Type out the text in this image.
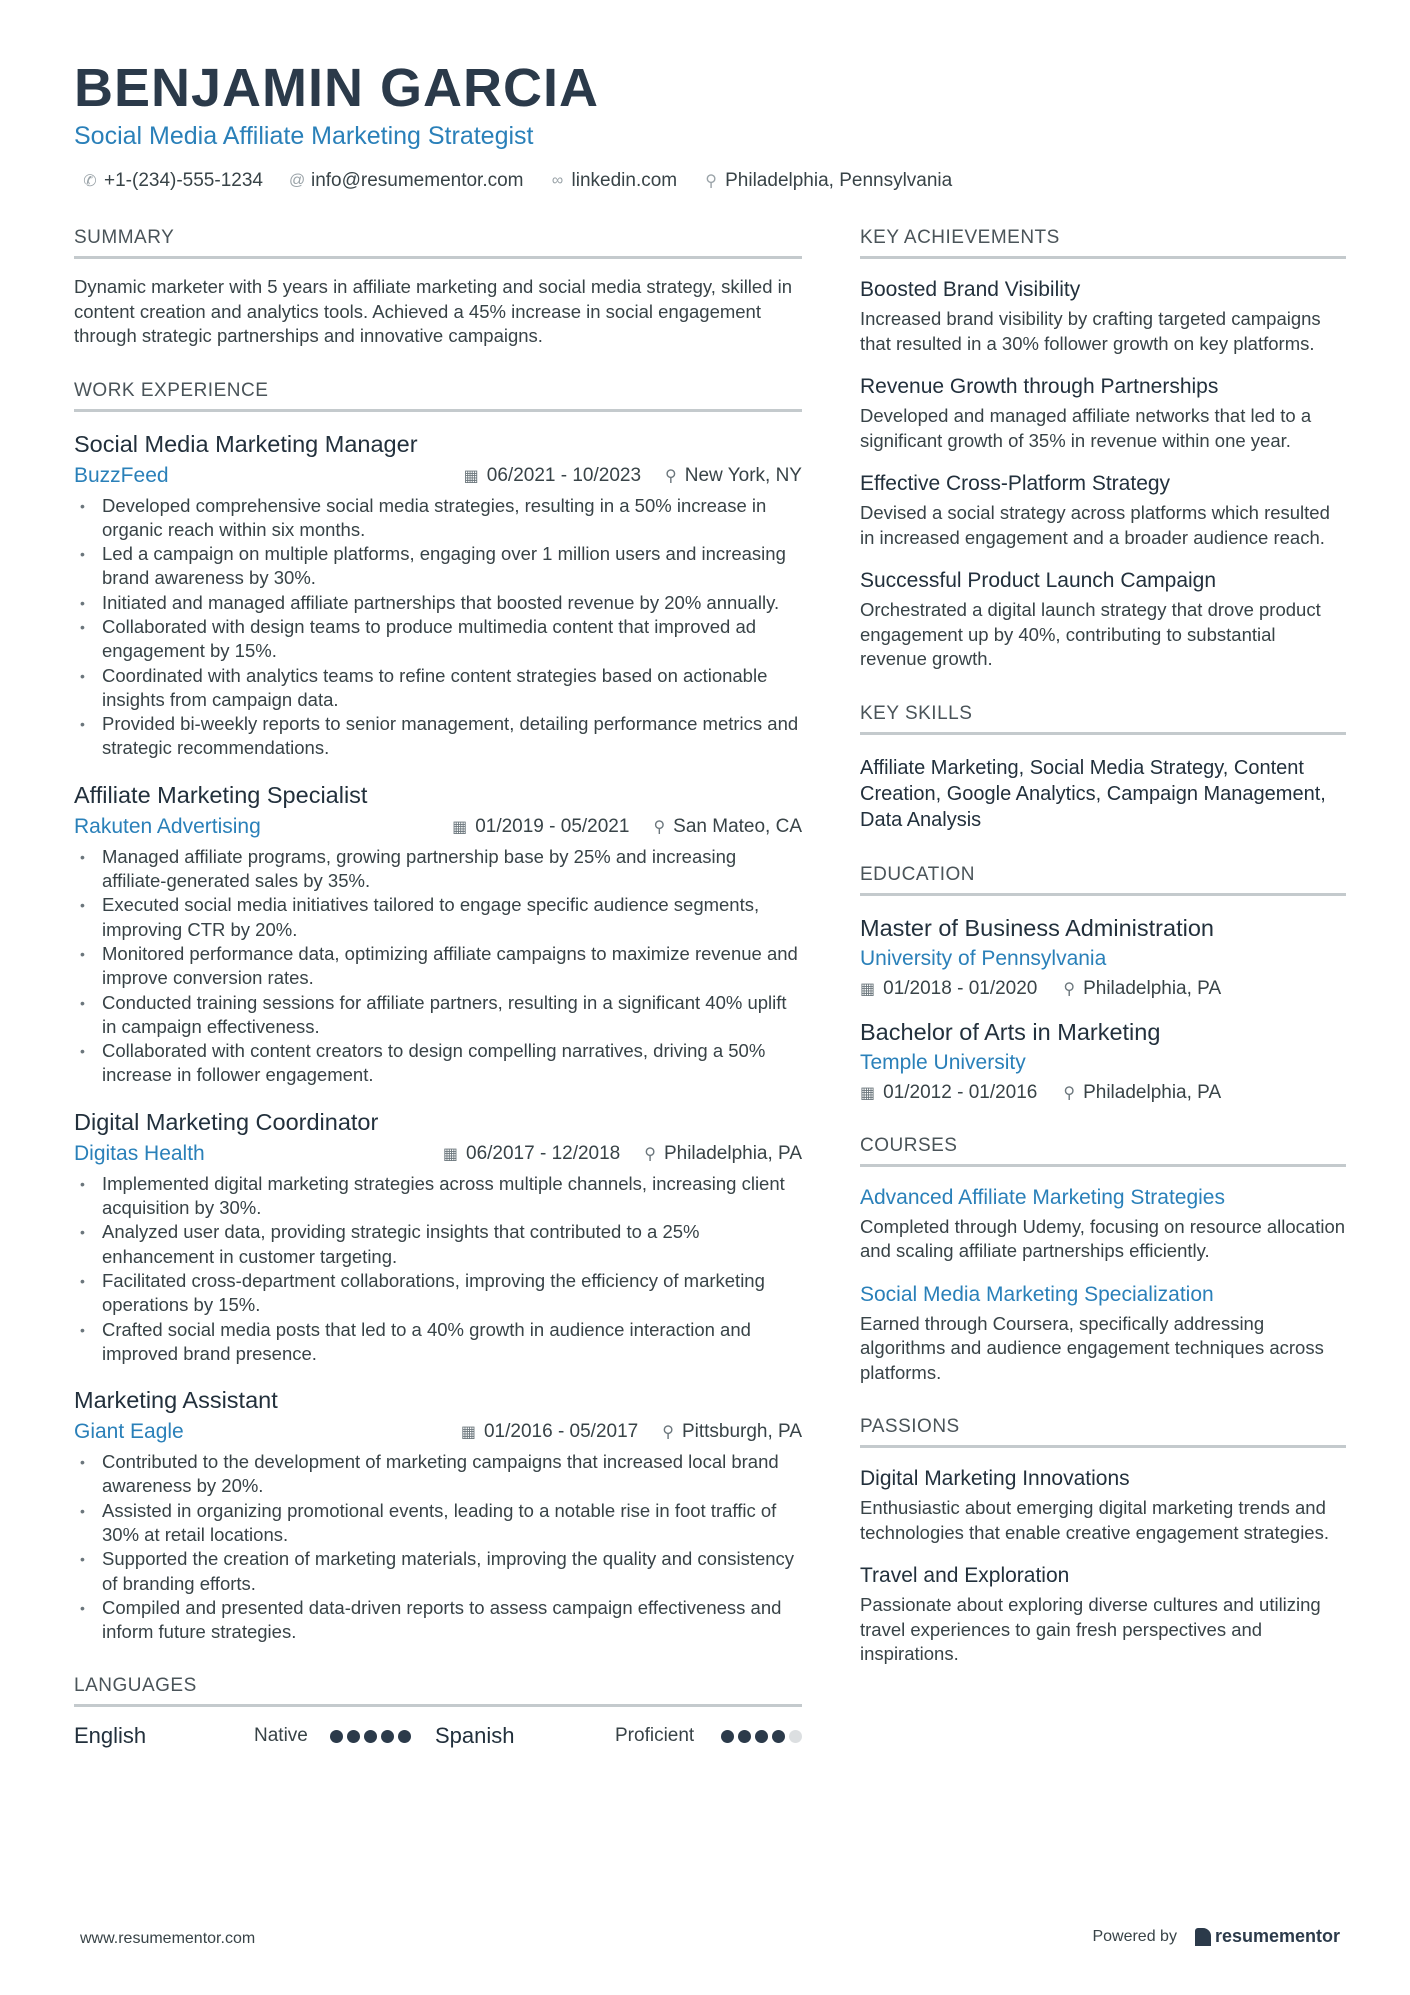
BENJAMIN GARCIA
Social Media Affiliate Marketing Strategist
✆ +1-(234)-555-1234 @ info@resumementor.com ∞ linkedin.com ⚲ Philadelphia, Pennsylvania
SUMMARY
Dynamic marketer with 5 years in affiliate marketing and social media strategy, skilled in content creation and analytics tools. Achieved a 45% increase in social engagement through strategic partnerships and innovative campaigns.
WORK EXPERIENCE
Social Media Marketing Manager
BuzzFeed	▦ 06/2021 - 10/2023 ⚲ New York, NY
• Developed comprehensive social media strategies, resulting in a 50% increase in organic reach within six months.
• Led a campaign on multiple platforms, engaging over 1 million users and increasing brand awareness by 30%.
• Initiated and managed affiliate partnerships that boosted revenue by 20% annually.
• Collaborated with design teams to produce multimedia content that improved ad engagement by 15%.
• Coordinated with analytics teams to refine content strategies based on actionable insights from campaign data.
• Provided bi-weekly reports to senior management, detailing performance metrics and strategic recommendations.
Affiliate Marketing Specialist
Rakuten Advertising	▦ 01/2019 - 05/2021 ⚲ San Mateo, CA
• Managed affiliate programs, growing partnership base by 25% and increasing affiliate-generated sales by 35%.
• Executed social media initiatives tailored to engage specific audience segments, improving CTR by 20%.
• Monitored performance data, optimizing affiliate campaigns to maximize revenue and improve conversion rates.
• Conducted training sessions for affiliate partners, resulting in a significant 40% uplift in campaign effectiveness.
• Collaborated with content creators to design compelling narratives, driving a 50% increase in follower engagement.
Digital Marketing Coordinator
Digitas Health	▦ 06/2017 - 12/2018 ⚲ Philadelphia, PA
• Implemented digital marketing strategies across multiple channels, increasing client acquisition by 30%.
• Analyzed user data, providing strategic insights that contributed to a 25% enhancement in customer targeting.
• Facilitated cross-department collaborations, improving the efficiency of marketing operations by 15%.
• Crafted social media posts that led to a 40% growth in audience interaction and improved brand presence.
Marketing Assistant
Giant Eagle	▦ 01/2016 - 05/2017 ⚲ Pittsburgh, PA
• Contributed to the development of marketing campaigns that increased local brand awareness by 20%.
• Assisted in organizing promotional events, leading to a notable rise in foot traffic of 30% at retail locations.
• Supported the creation of marketing materials, improving the quality and consistency of branding efforts.
• Compiled and presented data-driven reports to assess campaign effectiveness and inform future strategies.
LANGUAGES
English	Native	Spanish	Proficient
KEY ACHIEVEMENTS
Boosted Brand Visibility
Increased brand visibility by crafting targeted campaigns that resulted in a 30% follower growth on key platforms.
Revenue Growth through Partnerships
Developed and managed affiliate networks that led to a significant growth of 35% in revenue within one year.
Effective Cross-Platform Strategy
Devised a social strategy across platforms which resulted in increased engagement and a broader audience reach.
Successful Product Launch Campaign
Orchestrated a digital launch strategy that drove product engagement up by 40%, contributing to substantial revenue growth.
KEY SKILLS
Affiliate Marketing, Social Media Strategy, Content Creation, Google Analytics, Campaign Management, Data Analysis
EDUCATION
Master of Business Administration
University of Pennsylvania
▦ 01/2018 - 01/2020 ⚲ Philadelphia, PA
Bachelor of Arts in Marketing
Temple University
▦ 01/2012 - 01/2016 ⚲ Philadelphia, PA
COURSES
Advanced Affiliate Marketing Strategies
Completed through Udemy, focusing on resource allocation and scaling affiliate partnerships efficiently.
Social Media Marketing Specialization
Earned through Coursera, specifically addressing algorithms and audience engagement techniques across platforms.
PASSIONS
Digital Marketing Innovations
Enthusiastic about emerging digital marketing trends and technologies that enable creative engagement strategies.
Travel and Exploration
Passionate about exploring diverse cultures and utilizing travel experiences to gain fresh perspectives and inspirations.
www.resumementor.com	Powered by resumementor
